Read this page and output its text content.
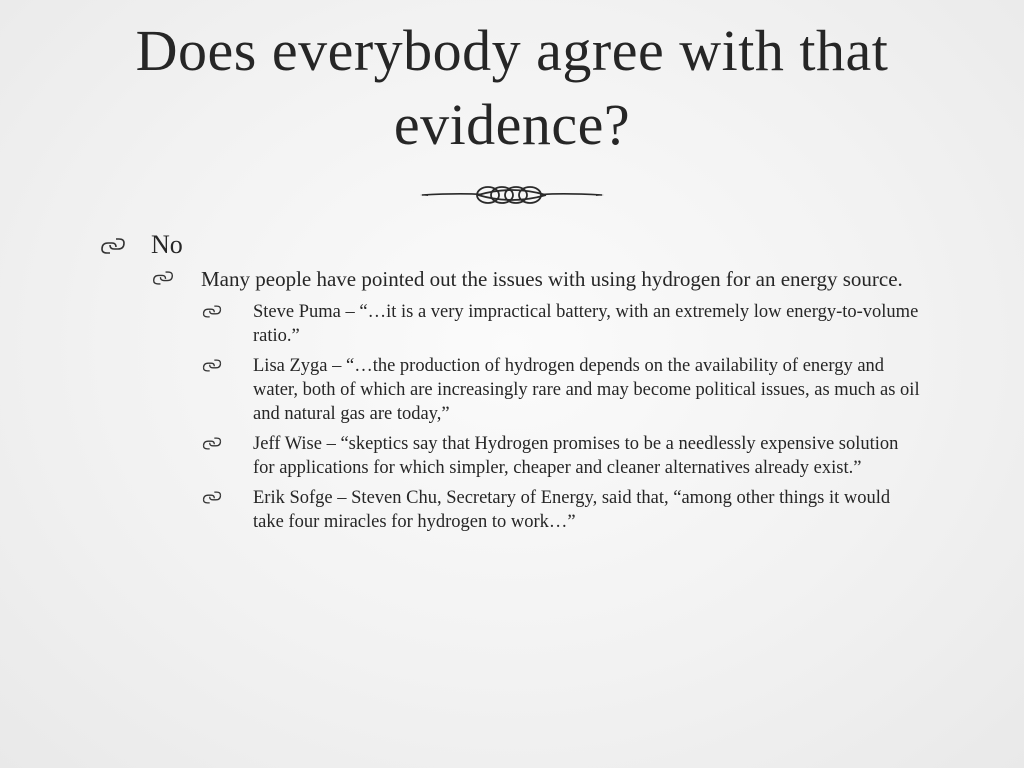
Does everybody agree with that evidence?
No
Many people have pointed out the issues with using hydrogen for an energy source.
Steve Puma – “…it is a very impractical battery, with an extremely low energy-to-volume ratio.”
Lisa Zyga – “…the production of hydrogen depends on the availability of energy and water, both of which are increasingly rare and may become political issues, as much as oil and natural gas are today,”
Jeff Wise – “skeptics say that Hydrogen promises to be a needlessly expensive solution for applications for which simpler, cheaper and cleaner alternatives already exist.”
Erik Sofge – Steven Chu, Secretary of Energy, said that, “among other things it would take four miracles for hydrogen to work…”
